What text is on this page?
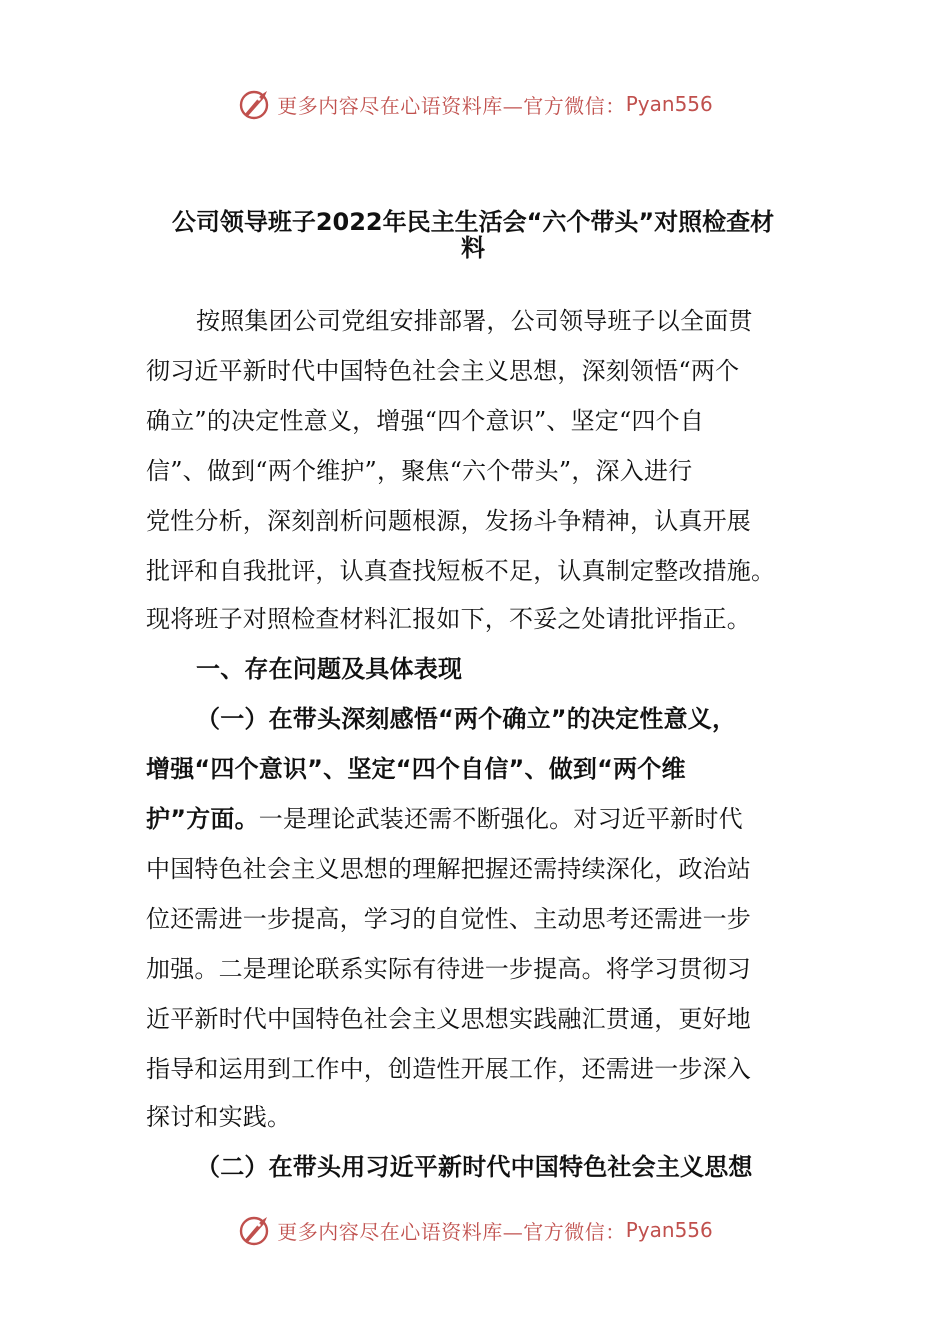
更多内容尽在心语资料库—官方微信： Pyan556
公司领导班子2022年民主生活会“六个带头”对照检查材
料
按照集团公司党组安排部署，公司领导班子以全面贯
彻习近平新时代中国特色社会主义思想，深刻领悟“两个
确立”的决定性意义，增强“四个意识”、坚定“四个自
信”、做到“两个维护”，聚焦“六个带头”，深入进行
党性分析，深刻剖析问题根源，发扬斗争精神，认真开展
批评和自我批评，认真查找短板不足，认真制定整改措施。
现将班子对照检查材料汇报如下，不妥之处请批评指正。
一、存在问题及具体表现
（一）在带头深刻感悟“两个确立”的决定性意义，
增强“四个意识”、坚定“四个自信”、做到“两个维
护”方面。一是理论武装还需不断强化。对习近平新时代
中国特色社会主义思想的理解把握还需持续深化，政治站
位还需进一步提高，学习的自觉性、主动思考还需进一步
加强。二是理论联系实际有待进一步提高。将学习贯彻习
近平新时代中国特色社会主义思想实践融汇贯通，更好地
指导和运用到工作中，创造性开展工作，还需进一步深入
探讨和实践。
（二）在带头用习近平新时代中国特色社会主义思想
更多内容尽在心语资料库—官方微信： Pyan556
